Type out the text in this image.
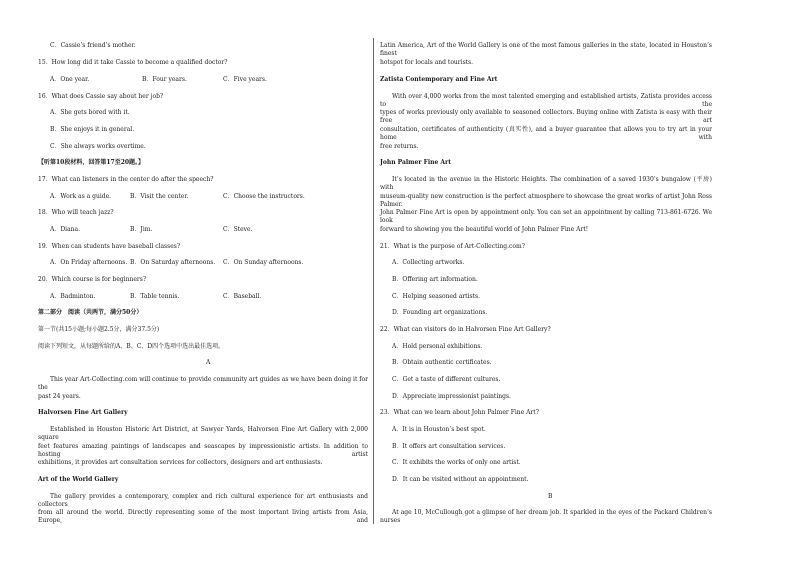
C．Cassie’s friend’s mother.
15．How long did it take Cassie to become a qualified doctor?
A．One year.	B．Four years.	C．Five years.
16．What does Cassie say about her job?
A．She gets bored with it.
B．She enjoys it in general.
C．She always works overtime.
【听第10段材料，回答第17至20题。】
17．What can listeners in the center do after the speech?
A．Work as a guide.	B．Visit the center.	C．Choose the instructors.
18．Who will teach jazz?
A．Diana.	B．Jim.	C．Steve.
19．When can students have baseball classes?
A．On Friday afternoons. B．On Saturday afternoons. C．On Sunday afternoons.
20．Which course is for beginners?
A．Badminton.	B．Table tennis.	C．Baseball.
第二部分　阅读（共两节，满分50分）
第一节(共15小题;每小题2.5分，满分37.5分)
阅读下列短文，从每题所给的A、B、C、D四个选项中选出最佳选项。
A
This year Art-Collecting.com will continue to provide community art guides as we have been doing it for the
past 24 years.
Halvorsen Fine Art Gallery
Established in Houston Historic Art District, at Sawyer Yards, Halvorsen Fine Art Gallery with 2,000 square
feet features amazing paintings of landscapes and seascapes by impressionistic artists. In addition to hosting artist
exhibitions, it provides art consultation services for collectors, designers and art enthusiasts.
Art of the World Gallery
The gallery provides a contemporary, complex and rich cultural experience for art enthusiasts and collectors
from all around the world. Directly representing some of the most important living artists from Asia, Europe, and
Latin America, Art of the World Gallery is one of the most famous galleries in the state, located in Houston’s finest
hotspot for locals and tourists.
Zatista Contemporary and Fine Art
With over 4,000 works from the most talented emerging and established artists, Zatista provides access to the
types of works previously only available to seasoned collectors. Buying online with Zatista is easy with their free art
consultation, certificates of authenticity (真实性), and a buyer guarantee that allows you to try art in your home with
free returns.
John Palmer Fine Art
It’s located in the avenue in the Historic Heights. The combination of a saved 1930’s bungalow (平房) with
museum-quality new construction is the perfect atmosphere to showcase the great works of artist John Ross Palmer.
John Palmer Fine Art is open by appointment only. You can set an appointment by calling 713-861-6726. We look
forward to showing you the beautiful world of John Palmer Fine Art!
21．What is the purpose of Art-Collecting.com?
A．Collecting artworks.
B．Offering art information.
C．Helping seasoned artists.
D．Founding art organizations.
22．What can visitors do in Halvorsen Fine Art Gallery?
A．Hold personal exhibitions.
B．Obtain authentic certificates.
C．Get a taste of different cultures.
D．Appreciate impressionist paintings.
23．What can we learn about John Palmer Fine Art?
A．It is in Houston’s best spot.
B．It offers art consultation services.
C．It exhibits the works of only one artist.
D．It can be visited without an appointment.
B
At age 10, McCullough got a glimpse of her dream job. It sparkled in the eyes of the Packard Children’s nurses
